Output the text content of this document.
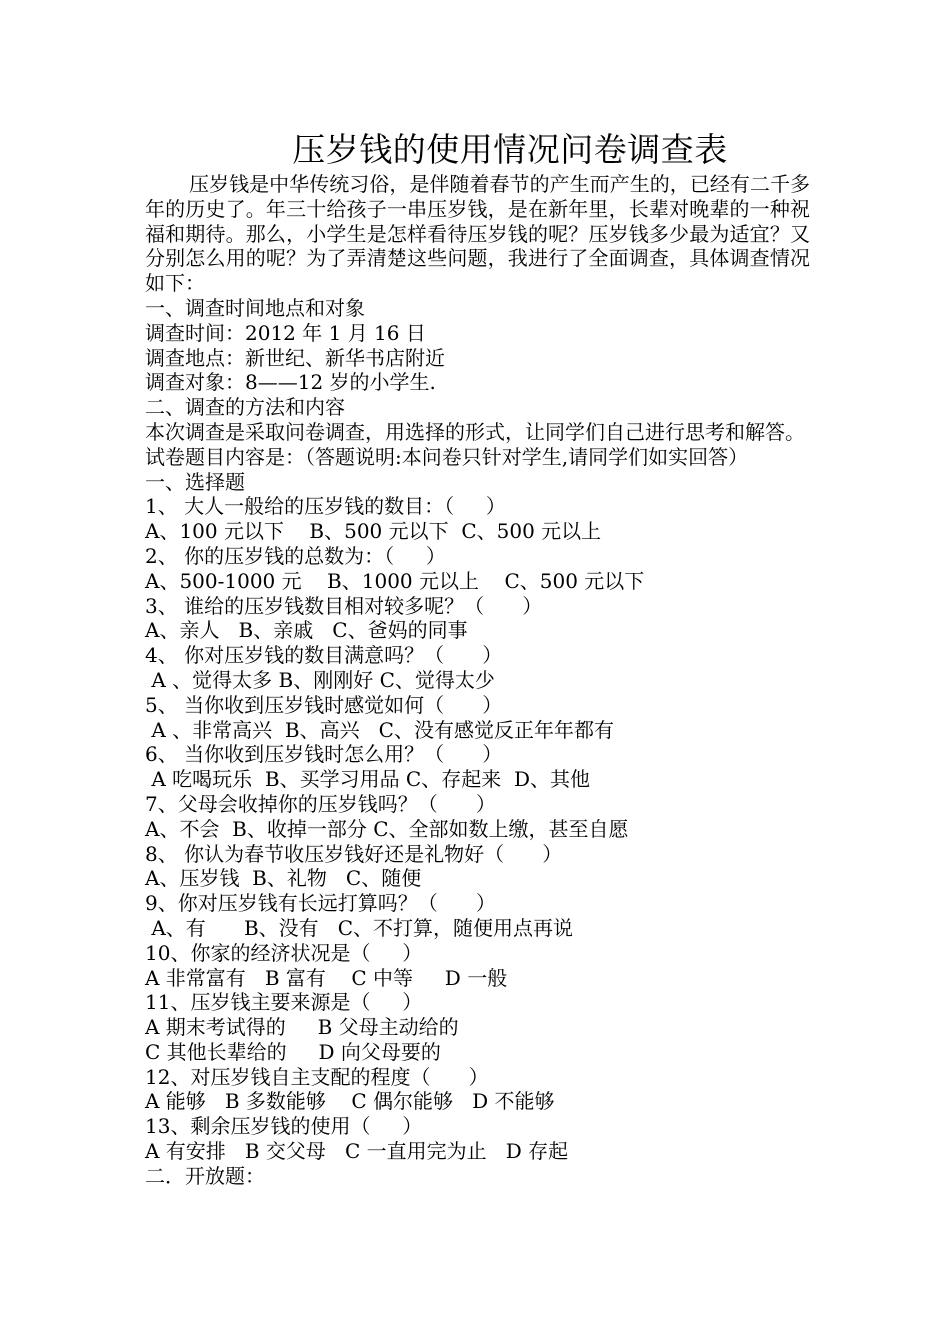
压岁钱的使用情况问卷调查表

压岁钱是中华传统习俗，是伴随着春节的产生而产生的，已经有二千多年的历史了。年三十给孩子一串压岁钱，是在新年里，长辈对晚辈的一种祝福和期待。那么，小学生是怎样看待压岁钱的呢？压岁钱多少最为适宜？又分别怎么用的呢？为了弄清楚这些问题，我进行了全面调查，具体调查情况如下：

一、调查时间地点和对象

调查时间：2012 年 1 月 16 日

调查地点：新世纪、新华书店附近

调查对象：8——12 岁的小学生.

二、调查的方法和内容

本次调查是采取问卷调查，用选择的形式，让同学们自己进行思考和解答。

试卷题目内容是：（答题说明:本问卷只针对学生,请同学们如实回答）

一、选择题

1、 大人一般给的压岁钱的数目：（     ）

A、100 元以下    B、500 元以下  C、500 元以上

2、 你的压岁钱的总数为：（     ）

A、500-1000 元    B、1000 元以上    C、500 元以下

3、 谁给的压岁钱数目相对较多呢？（      ）

A、亲人   B、亲戚   C、爸妈的同事

4、 你对压岁钱的数目满意吗？（      ）

A 、觉得太多 B、刚刚好 C、觉得太少

5、 当你收到压岁钱时感觉如何（      ）

A 、非常高兴  B、高兴   C、没有感觉反正年年都有

6、 当你收到压岁钱时怎么用？（      ）

A 吃喝玩乐  B、买学习用品 C、存起来  D、其他

7、父母会收掉你的压岁钱吗？（      ）

A、不会  B、收掉一部分 C、全部如数上缴，甚至自愿

8、 你认为春节收压岁钱好还是礼物好（      ）

A、压岁钱  B、礼物   C、随便

9、你对压岁钱有长远打算吗？（      ）

A、有      B、没有   C、不打算，随便用点再说

10、你家的经济状况是（     ）

A 非常富有   B 富有    C 中等     D 一般

11、压岁钱主要来源是（     ）

A 期末考试得的     B 父母主动给的

C 其他长辈给的     D 向父母要的

12、对压岁钱自主支配的程度（      ）

A 能够   B 多数能够    C 偶尔能够   D 不能够

13、剩余压岁钱的使用（     ）

A 有安排   B 交父母   C 一直用完为止   D 存起

二．开放题：
